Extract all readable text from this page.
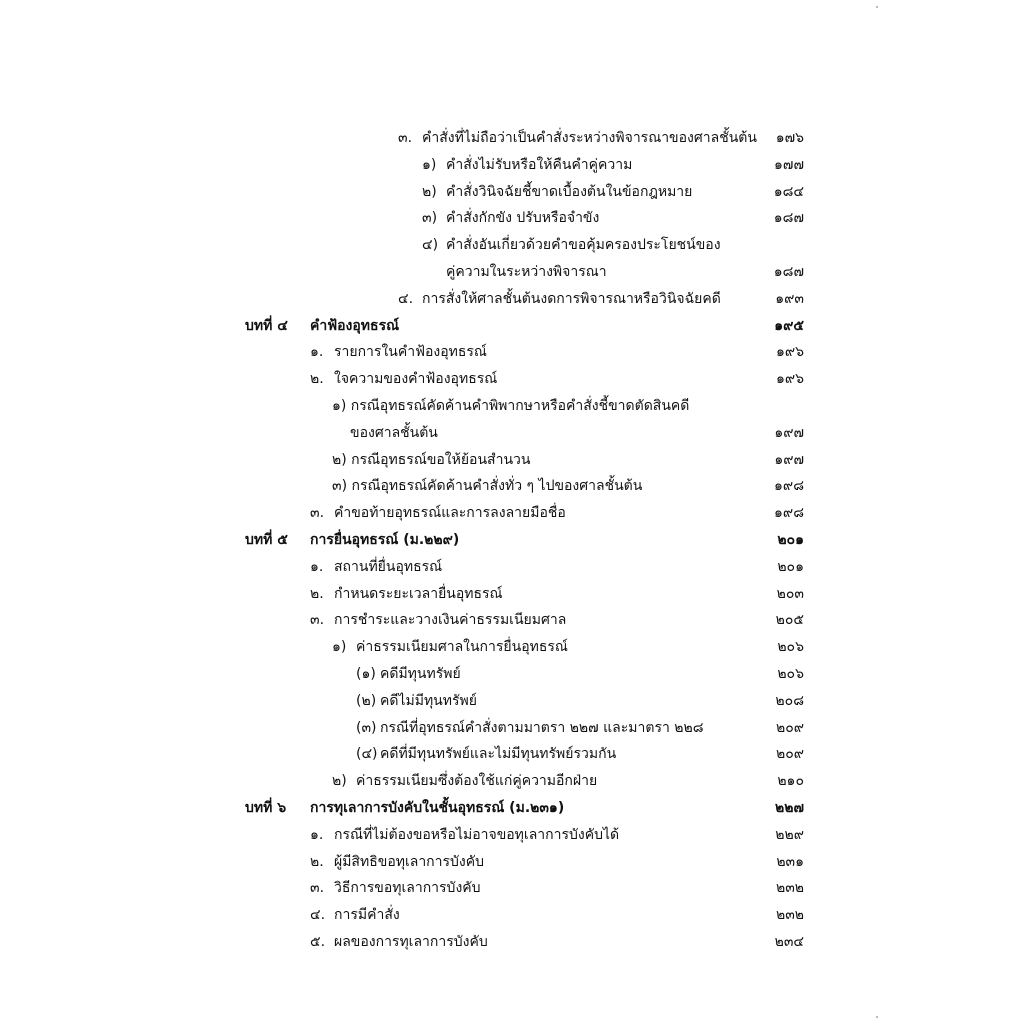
๓. คำสั่งที่ไม่ถือว่าเป็นคำสั่งระหว่างพิจารณาของศาลชั้นต้น ๑๗๖
๑) คำสั่งไม่รับหรือให้คืนคำคู่ความ	๑๗๗
๒) คำสั่งวินิจฉัยชี้ขาดเบื้องต้นในข้อกฎหมาย	๑๘๔
๓) คำสั่งกักขัง ปรับหรือจำขัง	๑๘๗
๔) คำสั่งอันเกี่ยวด้วยคำขอคุ้มครองประโยชน์ของ
คู่ความในระหว่างพิจารณา	๑๘๗
๔. การสั่งให้ศาลชั้นต้นงดการพิจารณาหรือวินิจฉัยคดี	๑๙๓
บทที่ ๔ คำฟ้องอุทธรณ์	๑๙๕
๑. รายการในคำฟ้องอุทธรณ์	๑๙๖
๒. ใจความของคำฟ้องอุทธรณ์	๑๙๖
๑) กรณีอุทธรณ์คัดค้านคำพิพากษาหรือคำสั่งชี้ขาดตัดสินคดี
ของศาลชั้นต้น	๑๙๗
๒) กรณีอุทธรณ์ขอให้ย้อนสำนวน	๑๙๗
๓) กรณีอุทธรณ์คัดค้านคำสั่งทั่ว ๆ ไปของศาลชั้นต้น	๑๙๘
๓. คำขอท้ายอุทธรณ์และการลงลายมือชื่อ	๑๙๘
บทที่ ๕ การยื่นอุทธรณ์ (ม.๒๒๙)	๒๐๑
๑. สถานที่ยื่นอุทธรณ์	๒๐๑
๒. กำหนดระยะเวลายื่นอุทธรณ์	๒๐๓
๓. การชำระและวางเงินค่าธรรมเนียมศาล	๒๐๕
๑) ค่าธรรมเนียมศาลในการยื่นอุทธรณ์	๒๐๖
(๑) คดีมีทุนทรัพย์	๒๐๖
(๒) คดีไม่มีทุนทรัพย์	๒๐๘
(๓) กรณีที่อุทธรณ์คำสั่งตามมาตรา ๒๒๗ และมาตรา ๒๒๘	๒๐๙
(๔) คดีที่มีทุนทรัพย์และไม่มีทุนทรัพย์รวมกัน	๒๐๙
๒) ค่าธรรมเนียมซึ่งต้องใช้แก่คู่ความอีกฝ่าย	๒๑๐
บทที่ ๖ การทุเลาการบังคับในชั้นอุทธรณ์ (ม.๒๓๑)	๒๒๗
๑. กรณีที่ไม่ต้องขอหรือไม่อาจขอทุเลาการบังคับได้	๒๒๙
๒. ผู้มีสิทธิขอทุเลาการบังคับ	๒๓๑
๓. วิธีการขอทุเลาการบังคับ	๒๓๒
๔. การมีคำสั่ง	๒๓๒
๕. ผลของการทุเลาการบังคับ	๒๓๔
